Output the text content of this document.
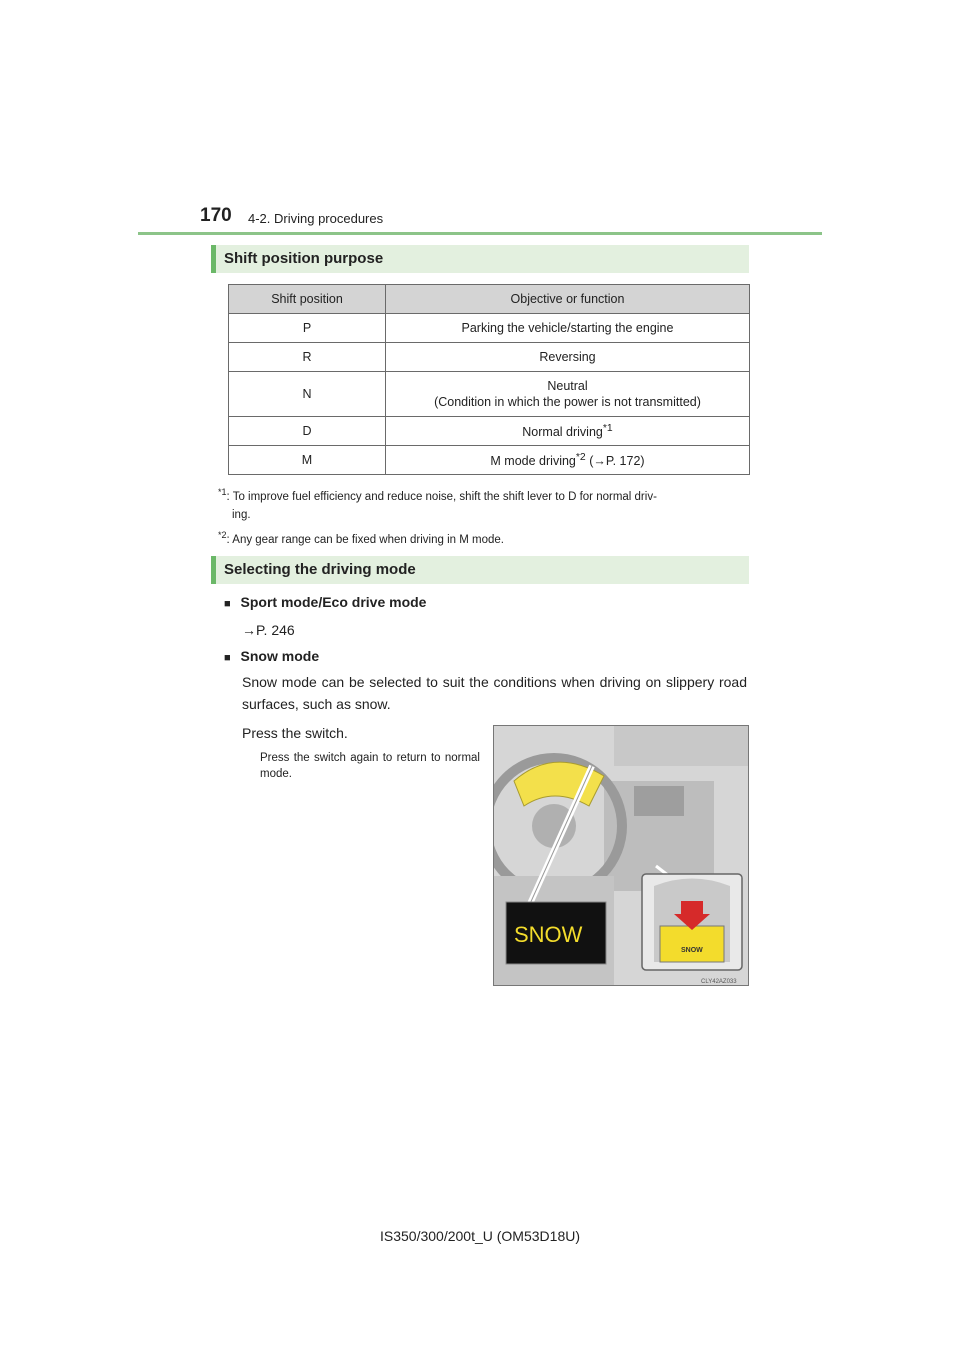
170 4-2. Driving procedures
Shift position purpose
Shift position	Objective or function
P	Parking the vehicle/starting the engine
R	Reversing
N	Neutral
(Condition in which the power is not transmitted)
D	Normal driving$^{*1}$
M	M mode driving$^{*2}$ (→P. 172)
$^{*1}$: To improve fuel efficiency and reduce noise, shift the shift lever to D for normal driv-
ing.
$^{*2}$: Any gear range can be fixed when driving in M mode.
Selecting the driving mode
■ Sport mode/Eco drive mode
→P. 246
■ Snow mode
Snow mode can be selected to suit the conditions when driving on slippery road surfaces, such as snow.
Press the switch.
Press the switch again to return to normal mode.
SNOW
SNOW
CLY42AZ033
IS350/300/200t_U (OM53D18U)
